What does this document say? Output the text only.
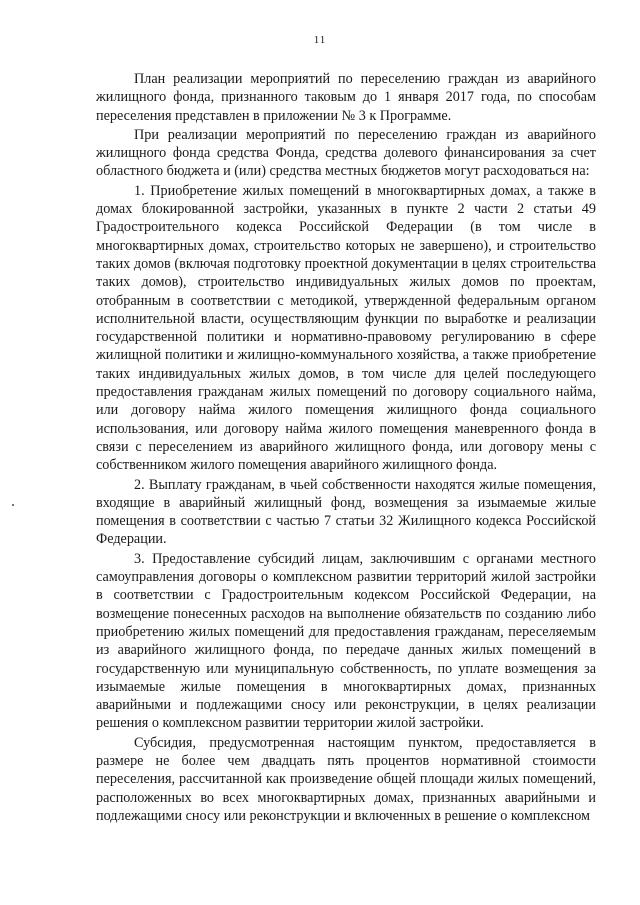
11

План реализации мероприятий по переселению граждан из аварийного жилищного фонда, признанного таковым до 1 января 2017 года, по способам переселения представлен в приложении № 3 к Программе.

При реализации мероприятий по переселению граждан из аварийного жилищного фонда средства Фонда, средства долевого финансирования за счет областного бюджета и (или) средства местных бюджетов могут расходоваться на:

1. Приобретение жилых помещений в многоквартирных домах, а также в домах блокированной застройки, указанных в пункте 2 части 2 статьи 49 Градостроительного кодекса Российской Федерации (в том числе в многоквартирных домах, строительство которых не завершено), и строительство таких домов (включая подготовку проектной документации в целях строительства таких домов), строительство индивидуальных жилых домов по проектам, отобранным в соответствии с методикой, утвержденной федеральным органом исполнительной власти, осуществляющим функции по выработке и реализации государственной политики и нормативно-правовому регулированию в сфере жилищной политики и жилищно-коммунального хозяйства, а также приобретение таких индивидуальных жилых домов, в том числе для целей последующего предоставления гражданам жилых помещений по договору социального найма, или договору найма жилого помещения жилищного фонда социального использования, или договору найма жилого помещения маневренного фонда в связи с переселением из аварийного жилищного фонда, или договору мены с собственником жилого помещения аварийного жилищного фонда.

2. Выплату гражданам, в чьей собственности находятся жилые помещения, входящие в аварийный жилищный фонд, возмещения за изымаемые жилые помещения в соответствии с частью 7 статьи 32 Жилищного кодекса Российской Федерации.

3. Предоставление субсидий лицам, заключившим с органами местного самоуправления договоры о комплексном развитии территорий жилой застройки в соответствии с Градостроительным кодексом Российской Федерации, на возмещение понесенных расходов на выполнение обязательств по созданию либо приобретению жилых помещений для предоставления гражданам, переселяемым из аварийного жилищного фонда, по передаче данных жилых помещений в государственную или муниципальную собственность, по уплате возмещения за изымаемые жилые помещения в многоквартирных домах, признанных аварийными и подлежащими сносу или реконструкции, в целях реализации решения о комплексном развитии территории жилой застройки.

Субсидия, предусмотренная настоящим пунктом, предоставляется в размере не более чем двадцать пять процентов нормативной стоимости переселения, рассчитанной как произведение общей площади жилых помещений, расположенных во всех многоквартирных домах, признанных аварийными и подлежащими сносу или реконструкции и включенных в решение о комплексном
